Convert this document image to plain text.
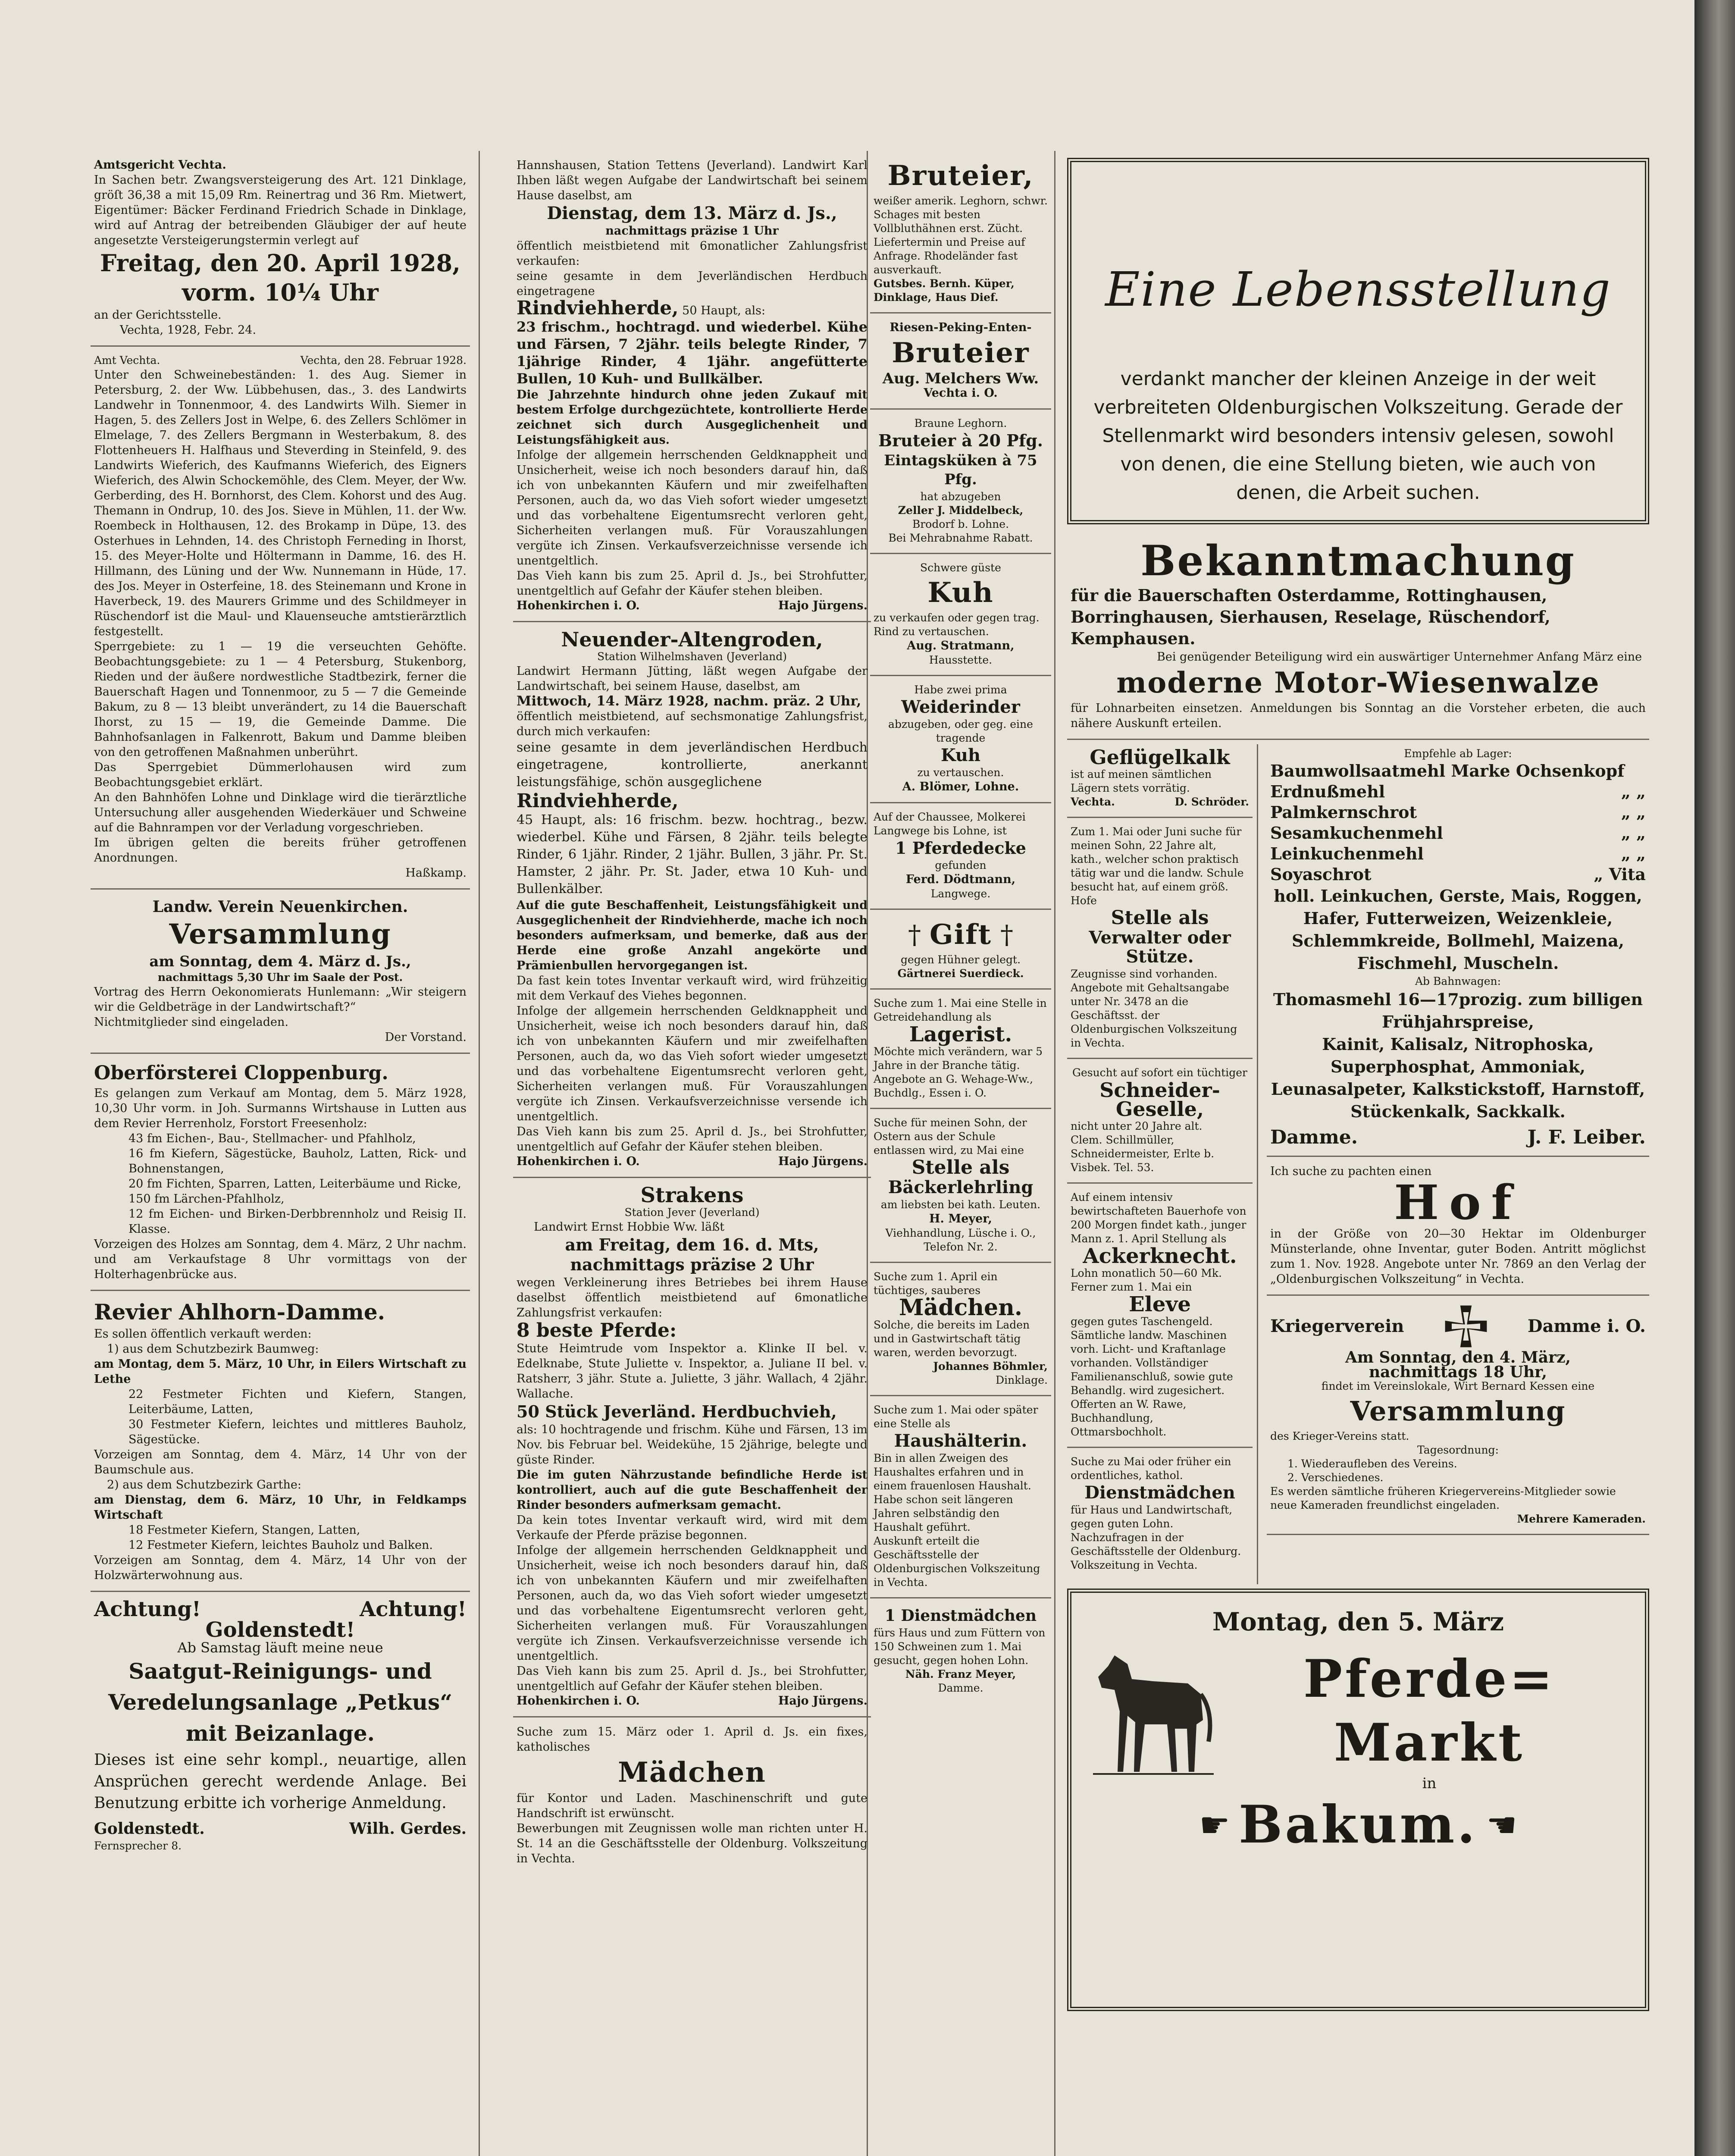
Amtsgericht Vechta.

In Sachen betr. Zwangsversteigerung des Art. 121 Dinklage, gröſt 36,38 a mit 15,09 Rm. Reinertrag und 36 Rm. Mietwert, Eigentümer: Bäcker Ferdinand Friedrich Schade in Dinklage, wird auf Antrag der betreibenden Gläubiger der auf heute angesetzte Versteigerungstermin verlegt auf

Freitag, den 20. April 1928,

vorm. 10¼ Uhr

an der Gerichtsstelle.

Vechta, 1928, Febr. 24.

Amt Vechta.	Vechta, den 28. Februar 1928.

Unter den Schweinebeständen: 1. des Aug. Siemer in Petersburg, 2. der Ww. Lübbehusen, das., 3. des Landwirts Landwehr in Tonnenmoor, 4. des Landwirts Wilh. Siemer in Hagen, 5. des Zellers Jost in Welpe, 6. des Zellers Schlömer in Elmelage, 7. des Zellers Bergmann in Westerbakum, 8. des Flottenheuers H. Halfhaus und Steverding in Steinfeld, 9. des Landwirts Wieferich, des Kaufmanns Wieferich, des Eigners Wieferich, des Alwin Schockemöhle, des Clem. Meyer, der Ww. Gerberding, des H. Bornhorst, des Clem. Kohorst und des Aug. Themann in Ondrup, 10. des Jos. Sieve in Mühlen, 11. der Ww. Roembeck in Holthausen, 12. des Brokamp in Düpe, 13. des Osterhues in Lehnden, 14. des Christoph Ferneding in Ihorst, 15. des Meyer-Holte und Höltermann in Damme, 16. des H. Hillmann, des Lüning und der Ww. Nunnemann in Hüde, 17. des Jos. Meyer in Osterfeine, 18. des Steinemann und Krone in Haverbeck, 19. des Maurers Grimme und des Schildmeyer in Rüschendorf ist die Maul- und Klauenseuche amtstierärztlich festgestellt.

Sperrgebiete: zu 1 — 19 die verseuchten Gehöfte. Beobachtungsgebiete: zu 1 — 4 Petersburg, Stukenborg, Rieden und der äußere nordwestliche Stadtbezirk, ferner die Bauerschaft Hagen und Tonnenmoor, zu 5 — 7 die Gemeinde Bakum, zu 8 — 13 bleibt unverändert, zu 14 die Bauerschaft Ihorst, zu 15 — 19, die Gemeinde Damme. Die Bahnhofsanlagen in Falkenrott, Bakum und Damme bleiben von den getroffenen Maßnahmen unberührt.

Das Sperrgebiet Dümmerlohausen wird zum Beobachtungsgebiet erklärt.

An den Bahnhöfen Lohne und Dinklage wird die tierärztliche Untersuchung aller ausgehenden Wiederkäuer und Schweine auf die Bahnrampen vor der Verladung vorgeschrieben.

Im übrigen gelten die bereits früher getroffenen Anordnungen.

Haßkamp.

Landw. Verein Neuenkirchen.

Versammlung

am Sonntag, dem 4. März d. Js.,

nachmittags 5,30 Uhr im Saale der Post.

Vortrag des Herrn Oekonomierats Hunlemann: „Wir steigern wir die Geldbeträge in der Landwirtschaft?“

Nichtmitglieder sind eingeladen.

Der Vorstand.

Oberförsterei Cloppenburg.

Es gelangen zum Verkauf am Montag, dem 5. März 1928, 10,30 Uhr vorm. in Joh. Surmanns Wirtshause in Lutten aus dem Revier Herrenholz, Forstort Freesenholz:

43 fm Eichen-, Bau-, Stellmacher- und Pfahlholz,

16 fm Kiefern, Sägestücke, Bauholz, Latten, Rick- und Bohnenstangen,

20 fm Fichten, Sparren, Latten, Leiterbäume und Ricke,

150 fm Lärchen-Pfahlholz,

12 fm Eichen- und Birken-Derbbrennholz und Reisig II. Klasse.

Vorzeigen des Holzes am Sonntag, dem 4. März, 2 Uhr nachm. und am Verkaufstage 8 Uhr vormittags von der Holterhagenbrücke aus.

Revier Ahlhorn-Damme.

Es sollen öffentlich verkauft werden:

1) aus dem Schutzbezirk Baumweg:

am Montag, dem 5. März, 10 Uhr, in Eilers Wirtschaft zu Lethe

22 Festmeter Fichten und Kiefern, Stangen, Leiterbäume, Latten,

30 Festmeter Kiefern, leichtes und mittleres Bauholz, Sägestücke.

Vorzeigen am Sonntag, dem 4. März, 14 Uhr von der Baumschule aus.

2) aus dem Schutzbezirk Garthe:

am Dienstag, dem 6. März, 10 Uhr, in Feldkamps Wirtschaft

18 Festmeter Kiefern, Stangen, Latten,

12 Festmeter Kiefern, leichtes Bauholz und Balken.

Vorzeigen am Sonntag, dem 4. März, 14 Uhr von der Holzwärterwohnung aus.

Achtung!	Achtung!

Goldenstedt!

Ab Samstag läuft meine neue

Saatgut-Reinigungs- und

Veredelungsanlage „Petkus“

mit Beizanlage.

Dieses ist eine sehr kompl., neuartige, allen Ansprüchen gerecht werdende Anlage. Bei Benutzung erbitte ich vorherige Anmeldung.

Goldenstedt.	Wilh. Gerdes.

Fernsprecher 8.

Hannshausen, Station Tettens (Jeverland). Landwirt Karl Ihben läßt wegen Aufgabe der Landwirtschaft bei seinem Hause daselbst, am

Dienstag, dem 13. März d. Js.,

nachmittags präzise 1 Uhr

öffentlich meistbietend mit 6monatlicher Zahlungsfrist verkaufen:

seine gesamte in dem Jeverländischen Herdbuch eingetragene

Rindviehherde, 50 Haupt, als:

23 frischm., hochtragd. und wiederbel. Kühe und Färsen, 7 2jähr. teils belegte Rinder, 7 1jährige Rinder, 4 1jähr. angefütterte Bullen, 10 Kuh- und Bullkälber.

Die Jahrzehnte hindurch ohne jeden Zukauf mit bestem Erfolge durchgezüchtete, kontrollierte Herde zeichnet sich durch Ausgeglichenheit und Leistungsfähigkeit aus.

Infolge der allgemein herrschenden Geldknappheit und Unsicherheit, weise ich noch besonders darauf hin, daß ich von unbekannten Käufern und mir zweifelhaften Personen, auch da, wo das Vieh sofort wieder umgesetzt und das vorbehaltene Eigentumsrecht verloren geht, Sicherheiten verlangen muß. Für Vorauszahlungen vergüte ich Zinsen. Verkaufsverzeichnisse versende ich unentgeltlich.

Das Vieh kann bis zum 25. April d. Js., bei Strohfutter, unentgeltlich auf Gefahr der Käufer stehen bleiben.

Hohenkirchen i. O.	Hajo Jürgens.

Neuender-Altengroden,

Station Wilhelmshaven (Jeverland)

Landwirt Hermann Jütting, läßt wegen Aufgabe der Landwirtschaft, bei seinem Hause, daselbst, am

Mittwoch, 14. März 1928, nachm. präz. 2 Uhr,

öffentlich meistbietend, auf sechsmonatige Zahlungsfrist, durch mich verkaufen:

seine gesamte in dem jeverländischen Herdbuch eingetragene, kontrollierte, anerkannt leistungsfähige, schön ausgeglichene

Rindviehherde,

45 Haupt, als: 16 frischm. bezw. hochtrag., bezw. wiederbel. Kühe und Färsen, 8 2jähr. teils belegte Rinder, 6 1jähr. Rinder, 2 1jähr. Bullen, 3 jähr. Pr. St. Hamster, 2 jähr. Pr. St. Jader, etwa 10 Kuh- und Bullenkälber.

Auf die gute Beschaffenheit, Leistungsfähigkeit und Ausgeglichenheit der Rindviehherde, mache ich noch besonders aufmerksam, und bemerke, daß aus der Herde eine große Anzahl angekörte und Prämienbullen hervorgegangen ist.

Da fast kein totes Inventar verkauft wird, wird frühzeitig mit dem Verkauf des Viehes begonnen.

Infolge der allgemein herrschenden Geldknappheit und Unsicherheit, weise ich noch besonders darauf hin, daß ich von unbekannten Käufern und mir zweifelhaften Personen, auch da, wo das Vieh sofort wieder umgesetzt und das vorbehaltene Eigentumsrecht verloren geht, Sicherheiten verlangen muß. Für Vorauszahlungen vergüte ich Zinsen. Verkaufsverzeichnisse versende ich unentgeltlich.

Das Vieh kann bis zum 25. April d. Js., bei Strohfutter, unentgeltlich auf Gefahr der Käufer stehen bleiben.

Hohenkirchen i. O.	Hajo Jürgens.

Strakens

Station Jever (Jeverland)

Landwirt Ernst Hobbie Ww. läßt

am Freitag, dem 16. d. Mts,

nachmittags präzise 2 Uhr

wegen Verkleinerung ihres Betriebes bei ihrem Hause daselbst öffentlich meistbietend auf 6monatliche Zahlungsfrist verkaufen:

8 beste Pferde:

Stute Heimtrude vom Inspektor a. Klinke II bel. v. Edelknabe, Stute Juliette v. Inspektor, a. Juliane II bel. v. Ratsherr, 3 jähr. Stute a. Juliette, 3 jähr. Wallach, 4 2jähr. Wallache.

50 Stück Jeverländ. Herdbuchvieh,

als: 10 hochtragende und frischm. Kühe und Färsen, 13 im Nov. bis Februar bel. Weidekühe, 15 2jährige, belegte und güste Rinder.

Die im guten Nährzustande befindliche Herde ist kontrolliert, auch auf die gute Beschaffenheit der Rinder besonders aufmerksam gemacht.

Da kein totes Inventar verkauft wird, wird mit dem Verkaufe der Pferde präzise begonnen.

Infolge der allgemein herrschenden Geldknappheit und Unsicherheit, weise ich noch besonders darauf hin, daß ich von unbekannten Käufern und mir zweifelhaften Personen, auch da, wo das Vieh sofort wieder umgesetzt und das vorbehaltene Eigentumsrecht verloren geht, Sicherheiten verlangen muß. Für Vorauszahlungen vergüte ich Zinsen. Verkaufsverzeichnisse versende ich unentgeltlich.

Das Vieh kann bis zum 25. April d. Js., bei Strohfutter, unentgeltlich auf Gefahr der Käufer stehen bleiben.

Hohenkirchen i. O.	Hajo Jürgens.

Suche zum 15. März oder 1. April d. Js. ein fixes, katholisches

Mädchen

für Kontor und Laden. Maschinenschrift und gute Handschrift ist erwünscht.

Bewerbungen mit Zeugnissen wolle man richten unter H. St. 14 an die Geschäftsstelle der Oldenburg. Volkszeitung in Vechta.

Bruteier,

weißer amerik. Leghorn, schwr. Schages mit besten Vollbluthähnen erst. Zücht. Liefertermin und Preise auf Anfrage. Rhodeländer fast ausverkauft.

Gutsbes. Bernh. Küper, Dinklage, Haus Dief.

Riesen-Peking-Enten-

Bruteier

Aug. Melchers Ww.

Vechta i. O.

Braune Leghorn.

Bruteier à 20 Pfg.

Eintagsküken à 75 Pfg.

hat abzugeben

Zeller J. Middelbeck,

Brodorf b. Lohne.

Bei Mehrabnahme Rabatt.

Schwere güste

Kuh

zu verkaufen oder gegen trag. Rind zu vertauschen.

Aug. Stratmann,

Hausstette.

Habe zwei prima

Weiderinder

abzugeben, oder geg. eine tragende

Kuh

zu vertauschen.

A. Blömer, Lohne.

Auf der Chaussee, Molkerei Langwege bis Lohne, ist

1 Pferdedecke

gefunden

Ferd. Dödtmann,

Langwege.

† Gift †

gegen Hühner gelegt.

Gärtnerei Suerdieck.

Suche zum 1. Mai eine Stelle in Getreidehandlung als

Lagerist.

Möchte mich verändern, war 5 Jahre in der Branche tätig.

Angebote an G. Wehage-Ww., Buchdlg., Essen i. O.

Suche für meinen Sohn, der Ostern aus der Schule entlassen wird, zu Mai eine

Stelle als

Bäckerlehrling

am liebsten bei kath. Leuten.

H. Meyer,

Viehhandlung, Lüsche i. O., Telefon Nr. 2.

Suche zum 1. April ein tüchtiges, sauberes

Mädchen.

Solche, die bereits im Laden und in Gastwirtschaft tätig waren, werden bevorzugt.

Johannes Böhmler,

Dinklage.

Suche zum 1. Mai oder später eine Stelle als

Haushälterin.

Bin in allen Zweigen des Haushaltes erfahren und in einem frauenlosen Haushalt. Habe schon seit längeren Jahren selbständig den Haushalt geführt.

Auskunft erteilt die Geschäftsstelle der Oldenburgischen Volkszeitung in Vechta.

1 Dienstmädchen

fürs Haus und zum Füttern von 150 Schweinen zum 1. Mai gesucht, gegen hohen Lohn.

Näh. Franz Meyer,

Damme.

Eine Lebensstellung

verdankt mancher der kleinen Anzeige in der weit verbreiteten Oldenburgischen Volkszeitung. Gerade der Stellenmarkt wird besonders intensiv gelesen, sowohl von denen, die eine Stellung bieten, wie auch von denen, die Arbeit suchen.

Bekanntmachung

für die Bauerschaften Osterdamme, Rottinghausen, Borringhausen, Sierhausen, Reselage, Rüschendorf, Kemphausen.

Bei genügender Beteiligung wird ein auswärtiger Unternehmer Anfang März eine

moderne Motor-Wiesenwalze

für Lohnarbeiten einsetzen. Anmeldungen bis Sonntag an die Vorsteher erbeten, die auch nähere Auskunft erteilen.

Geflügelkalk

ist auf meinen sämtlichen Lägern stets vorrätig.

Vechta.	D. Schröder.

Zum 1. Mai oder Juni suche für meinen Sohn, 22 Jahre alt, kath., welcher schon praktisch tätig war und die landw. Schule besucht hat, auf einem größ. Hofe

Stelle als

Verwalter oder Stütze.

Zeugnisse sind vorhanden.

Angebote mit Gehaltsangabe unter Nr. 3478 an die Geschäftsst. der Oldenburgischen Volkszeitung in Vechta.

Gesucht auf sofort ein tüchtiger

Schneider-Geselle,

nicht unter 20 Jahre alt.

Clem. Schillmüller, Schneidermeister, Erlte b. Visbek. Tel. 53.

Auf einem intensiv bewirtschafteten Bauerhofe von 200 Morgen findet kath., junger Mann z. 1. April Stellung als

Ackerknecht.

Lohn monatlich 50—60 Mk. Ferner zum 1. Mai ein

Eleve

gegen gutes Taschengeld. Sämtliche landw. Maschinen vorh. Licht- und Kraftanlage vorhanden. Vollständiger Familienanschluß, sowie gute Behandlg. wird zugesichert. Offerten an W. Rawe, Buchhandlung, Ottmarsbochholt.

Suche zu Mai oder früher ein ordentliches, kathol.

Dienstmädchen

für Haus und Landwirtschaft, gegen guten Lohn. Nachzufragen in der Geschäftsstelle der Oldenburg. Volkszeitung in Vechta.

Empfehle ab Lager:

Baumwollsaatmehl Marke Ochsenkopf
Erdnußmehl	„ „
Palmkernschrot	„ „
Sesamkuchenmehl	„ „
Leinkuchenmehl	„ „
Soyaschrot	„ Vita

holl. Leinkuchen, Gerste, Mais, Roggen, Hafer, Futterweizen, Weizenkleie, Schlemmkreide, Bollmehl, Maizena, Fischmehl, Muscheln.

Ab Bahnwagen:

Thomasmehl 16—17prozig. zum billigen Frühjahrspreise,

Kainit, Kalisalz, Nitrophoska, Superphosphat, Ammoniak, Leunasalpeter, Kalkstickstoff, Harnstoff, Stückenkalk, Sackkalk.

Damme.	J. F. Leiber.

Ich suche zu pachten einen

Hof

in der Größe von 20—30 Hektar im Oldenburger Münsterlande, ohne Inventar, guter Boden. Antritt möglichst zum 1. Nov. 1928. Angebote unter Nr. 7869 an den Verlag der „Oldenburgischen Volkszeitung“ in Vechta.

Kriegerverein	Damme i. O.

Am Sonntag, den 4. März,

nachmittags 18 Uhr,

findet im Vereinslokale, Wirt Bernard Kessen eine

Versammlung

des Krieger-Vereins statt.

Tagesordnung:

1. Wiederaufleben des Vereins.

2. Verschiedenes.

Es werden sämtliche früheren Kriegervereins-Mitglieder sowie neue Kameraden freundlichst eingeladen.

Mehrere Kameraden.

Montag, den 5. März

Pferde=

Markt

in

☛ Bakum. ☚
